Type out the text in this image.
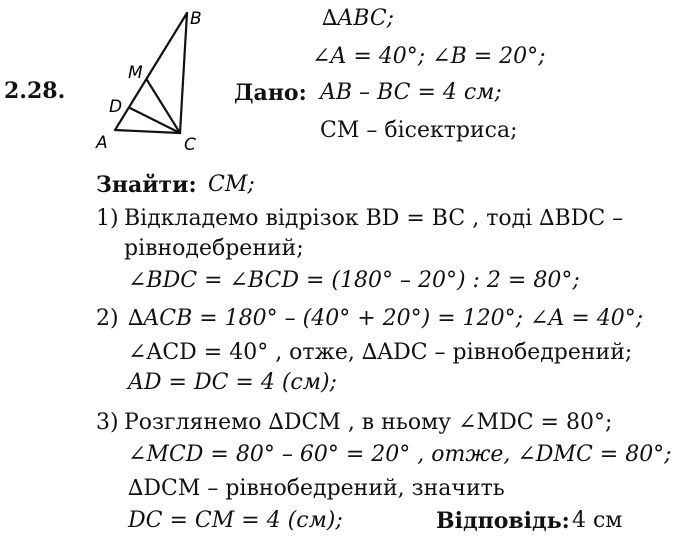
2.28.
B
M
D
A	C
Дано:
∆ABC;
∠A = 40°; ∠B = 20°;
AB – BC = 4 см;
СМ – бісектриса;
Знайти: CM;
1) Відкладемо відрізок BD = BC , тоді ∆BDC –
рівнодебрений;
∠BDC = ∠BCD = (180° – 20°) : 2 = 80°;
2) ∆ACB = 180° – (40° + 20°) = 120°; ∠A = 40°;
∠ACD = 40° , отже, ∆ADC – рівнобедрений;
AD = DC = 4 (см);
3) Розглянемо ∆DCM , в ньому ∠MDC = 80°;
∠MCD = 80° – 60° = 20° , отже, ∠DMC = 80°;
∆DCM – рівнобедрений, значить
DC = CM = 4 (см);	Відповідь: 4 см
